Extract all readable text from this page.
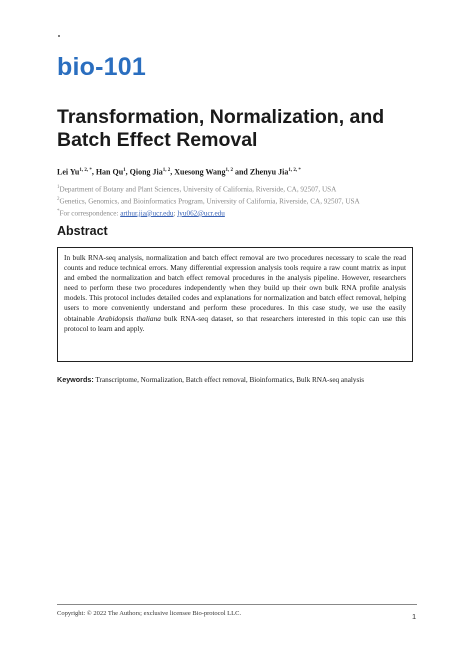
bio-101
Transformation, Normalization, and Batch Effect Removal
Lei $Yu^{1, 2, *}$, Han Qu$^1$, Qiong Jia$^{1, 2}$, Xuesong Wang$^{1, 2}$ and Zhenyu Jia$^{1, 2, *}$
$^1$Department of Botany and Plant Sciences, University of California, Riverside, CA, 92507, USA
$^2$Genetics, Genomics, and Bioinformatics Program, University of California, Riverside, CA, 92507, USA
*For correspondence: arthur.jia@ucr.edu; lyu062@ucr.edu
Abstract
In bulk RNA-seq analysis, normalization and batch effect removal are two procedures necessary to scale the read counts and reduce technical errors. Many differential expression analysis tools require a raw count matrix as input and embed the normalization and batch effect removal procedures in the analysis pipeline. However, researchers need to perform these two procedures independently when they build up their own bulk RNA profile analysis models. This protocol includes detailed codes and explanations for normalization and batch effect removal, helping users to more conveniently understand and perform these procedures. In this case study, we use the easily obtainable Arabidopsis thaliana bulk RNA-seq dataset, so that researchers interested in this topic can use this protocol to learn and apply.
Keywords: Transcriptome, Normalization, Batch effect removal, Bioinformatics, Bulk RNA-seq analysis
Copyright: © 2022 The Authors; exclusive licensee Bio-protocol LLC.	1
